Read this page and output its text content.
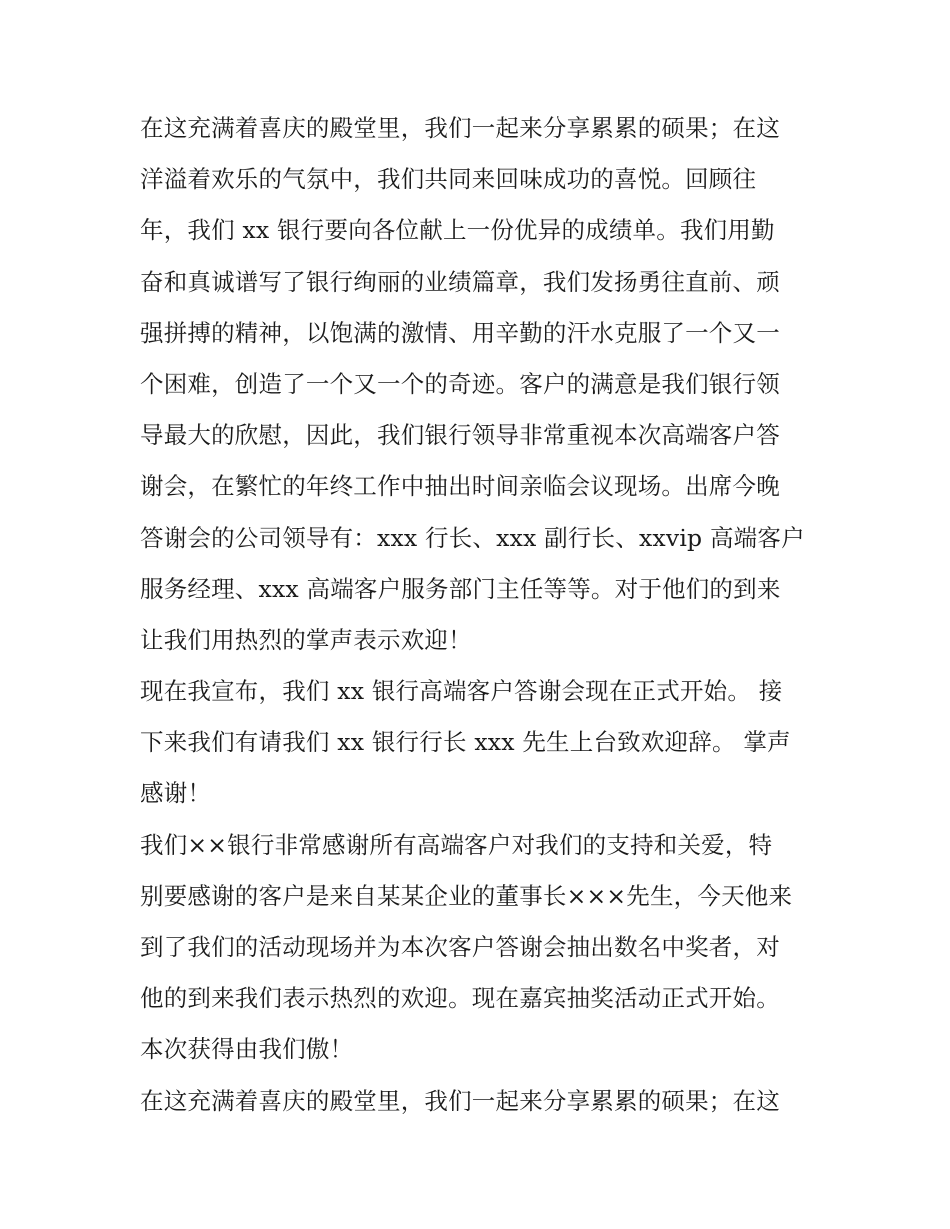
在这充满着喜庆的殿堂里，我们一起来分享累累的硕果；在这
洋溢着欢乐的气氛中，我们共同来回味成功的喜悦。回顾往
年，我们 xx 银行要向各位献上一份优异的成绩单。我们用勤
奋和真诚谱写了银行绚丽的业绩篇章，我们发扬勇往直前、顽
强拼搏的精神，以饱满的激情、用辛勤的汗水克服了一个又一
个困难，创造了一个又一个的奇迹。客户的满意是我们银行领
导最大的欣慰，因此，我们银行领导非常重视本次高端客户答
谢会，在繁忙的年终工作中抽出时间亲临会议现场。出席今晚
答谢会的公司领导有：xxx 行长、xxx 副行长、xxvip 高端客户
服务经理、xxx 高端客户服务部门主任等等。对于他们的到来
让我们用热烈的掌声表示欢迎！
现在我宣布，我们 xx 银行高端客户答谢会现在正式开始。 接
下来我们有请我们 xx 银行行长 xxx 先生上台致欢迎辞。 掌声
感谢！
我们××银行非常感谢所有高端客户对我们的支持和关爱，特
别要感谢的客户是来自某某企业的董事长×××先生，今天他来
到了我们的活动现场并为本次客户答谢会抽出数名中奖者，对
他的到来我们表示热烈的欢迎。现在嘉宾抽奖活动正式开始。
本次获得由我们傲！
在这充满着喜庆的殿堂里，我们一起来分享累累的硕果；在这
